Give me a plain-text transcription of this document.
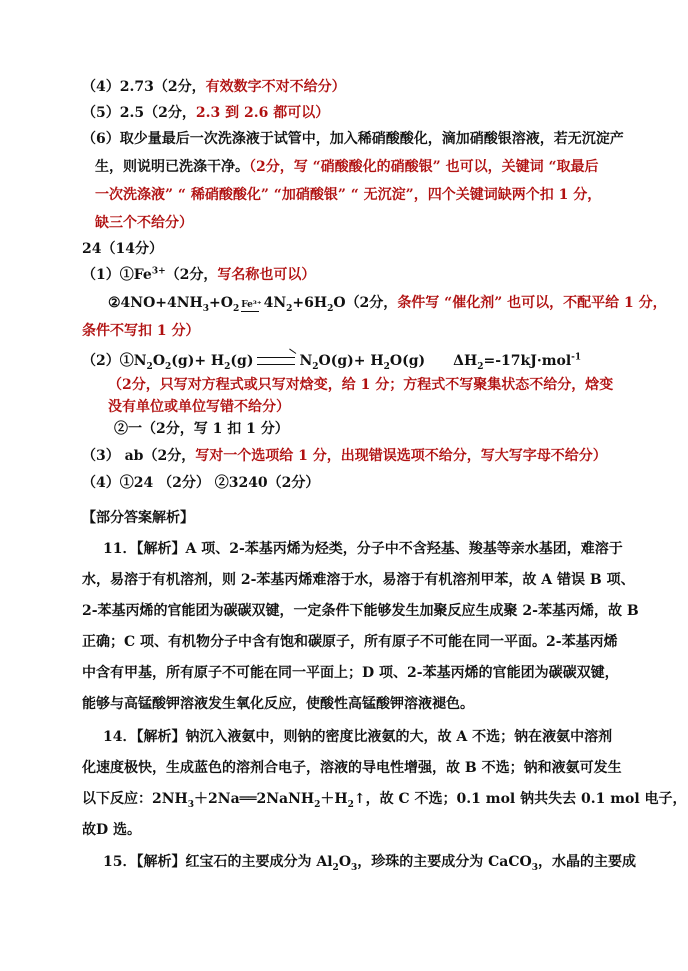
（4）2.73（2分，有效数字不对不给分）
（5）2.5（2分，2.3 到 2.6 都可以）
（6）取少量最后一次洗涤液于试管中，加入稀硝酸酸化，滴加硝酸银溶液，若无沉淀产
生，则说明已洗涤干净。（2分，写 “硝酸酸化的硝酸银” 也可以，关键词 “取最后
一次洗涤液” “ 稀硝酸酸化” “加硝酸银” “ 无沉淀”，四个关键词缺两个扣 1 分，
缺三个不给分）
24（14分）
$(1)①Fe^{3+}(2$分，写名称也可以）
$②4NO+4NH_3+O_2$ Fe³⁺ $4N_2+6H_2O(2$分，条件写 “催化剂” 也可以，不配平给 1 分，
条件不写扣 1 分）
$(2)①N_2O_2(g)+ H_2(g)$	$N_2O(g)+ H_2O(g)$ $\Delta H_2=-17kJ\cdot mol^{-1}$
（2分，只写对方程式或只写对焓变，给 1 分；方程式不写聚集状态不给分，焓变
没有单位或单位写错不给分）
②一（2分，写 1 扣 1 分）
（3） ab（2分，写对一个选项给 1 分，出现错误选项不给分，写大写字母不给分）
（4）①24 （2分） ②3240（2分）
【部分答案解析】
11．【解析】A 项、2-苯基丙烯为烃类，分子中不含羟基、羧基等亲水基团，难溶于
水，易溶于有机溶剂，则 2-苯基丙烯难溶于水，易溶于有机溶剂甲苯，故 A 错误 B 项、
2-苯基丙烯的官能团为碳碳双键，一定条件下能够发生加聚反应生成聚 2-苯基丙烯，故 B
正确；C 项、有机物分子中含有饱和碳原子，所有原子不可能在同一平面。2-苯基丙烯
中含有甲基，所有原子不可能在同一平面上；D 项、2-苯基丙烯的官能团为碳碳双键，
能够与高锰酸钾溶液发生氧化反应，使酸性高锰酸钾溶液褪色。
14．【解析】钠沉入液氨中，则钠的密度比液氨的大，故 A 不选；钠在液氨中溶剂
化速度极快，生成蓝色的溶剂合电子，溶液的导电性增强，故 B 不选；钠和液氨可发生
以下反应：$2NH_3+2Na══2NaNH_2+H_2↑$，故 C 不选；0.1 mol 钠共失去 0.1 mol 电子，
故D 选。
15．【解析】红宝石的主要成分为 $Al_2O_3$，珍珠的主要成分为 CaCO$_3$，水晶的主要成
